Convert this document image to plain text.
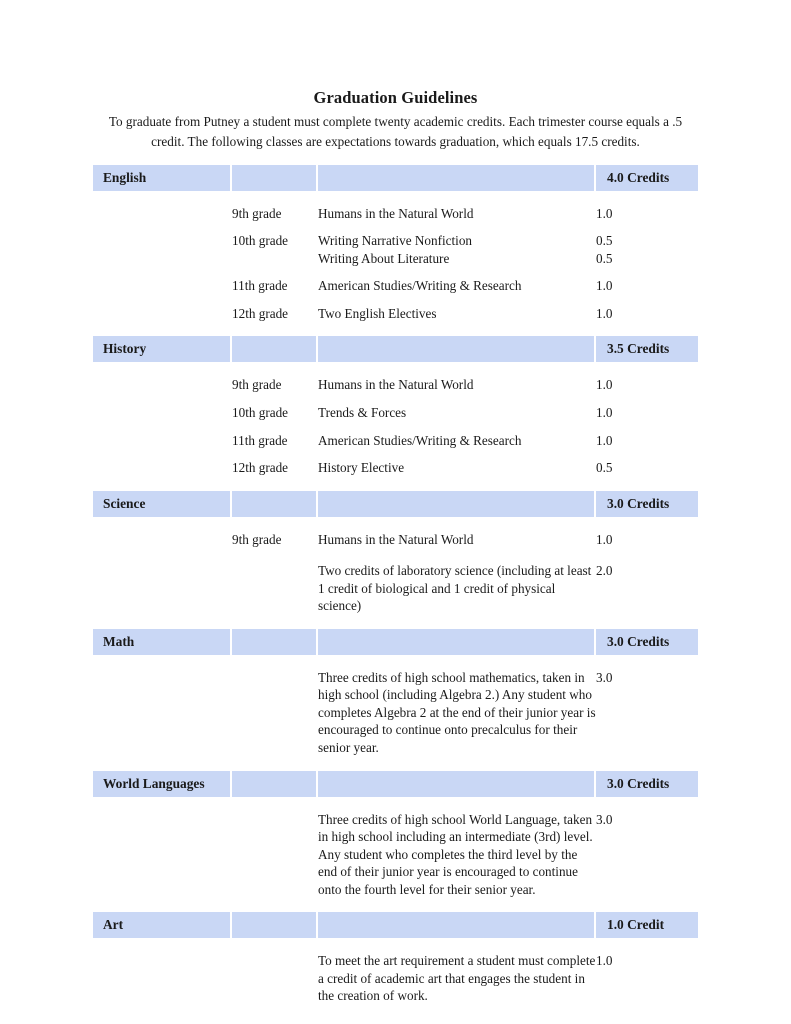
Graduation Guidelines

To graduate from Putney a student must complete twenty academic credits. Each trimester course equals a .5 credit. The following classes are expectations towards graduation, which equals 17.5 credits.

English			4.0 Credits

	9th grade	Humans in the Natural World	1.0

	10th grade	Writing Narrative Nonfiction	0.5
		Writing About Literature	0.5

	11th grade	American Studies/Writing & Research	1.0

	12th grade	Two English Electives	1.0

History			3.5 Credits

	9th grade	Humans in the Natural World	1.0

	10th grade	Trends & Forces	1.0

	11th grade	American Studies/Writing & Research	1.0

	12th grade	History Elective	0.5

Science			3.0 Credits

	9th grade	Humans in the Natural World	1.0

		Two credits of laboratory science (including at least 1 credit of biological and 1 credit of physical science)	2.0

Math			3.0 Credits

		Three credits of high school mathematics, taken in high school (including Algebra 2.) Any student who completes Algebra 2 at the end of their junior year is encouraged to continue onto precalculus for their senior year.	3.0

World Languages			3.0 Credits

		Three credits of high school World Language, taken in high school including an intermediate (3rd) level. Any student who completes the third level by the end of their junior year is encouraged to continue onto the fourth level for their senior year.	3.0

Art			1.0 Credit

		To meet the art requirement a student must complete a credit of academic art that engages the student in the creation of work.	1.0
